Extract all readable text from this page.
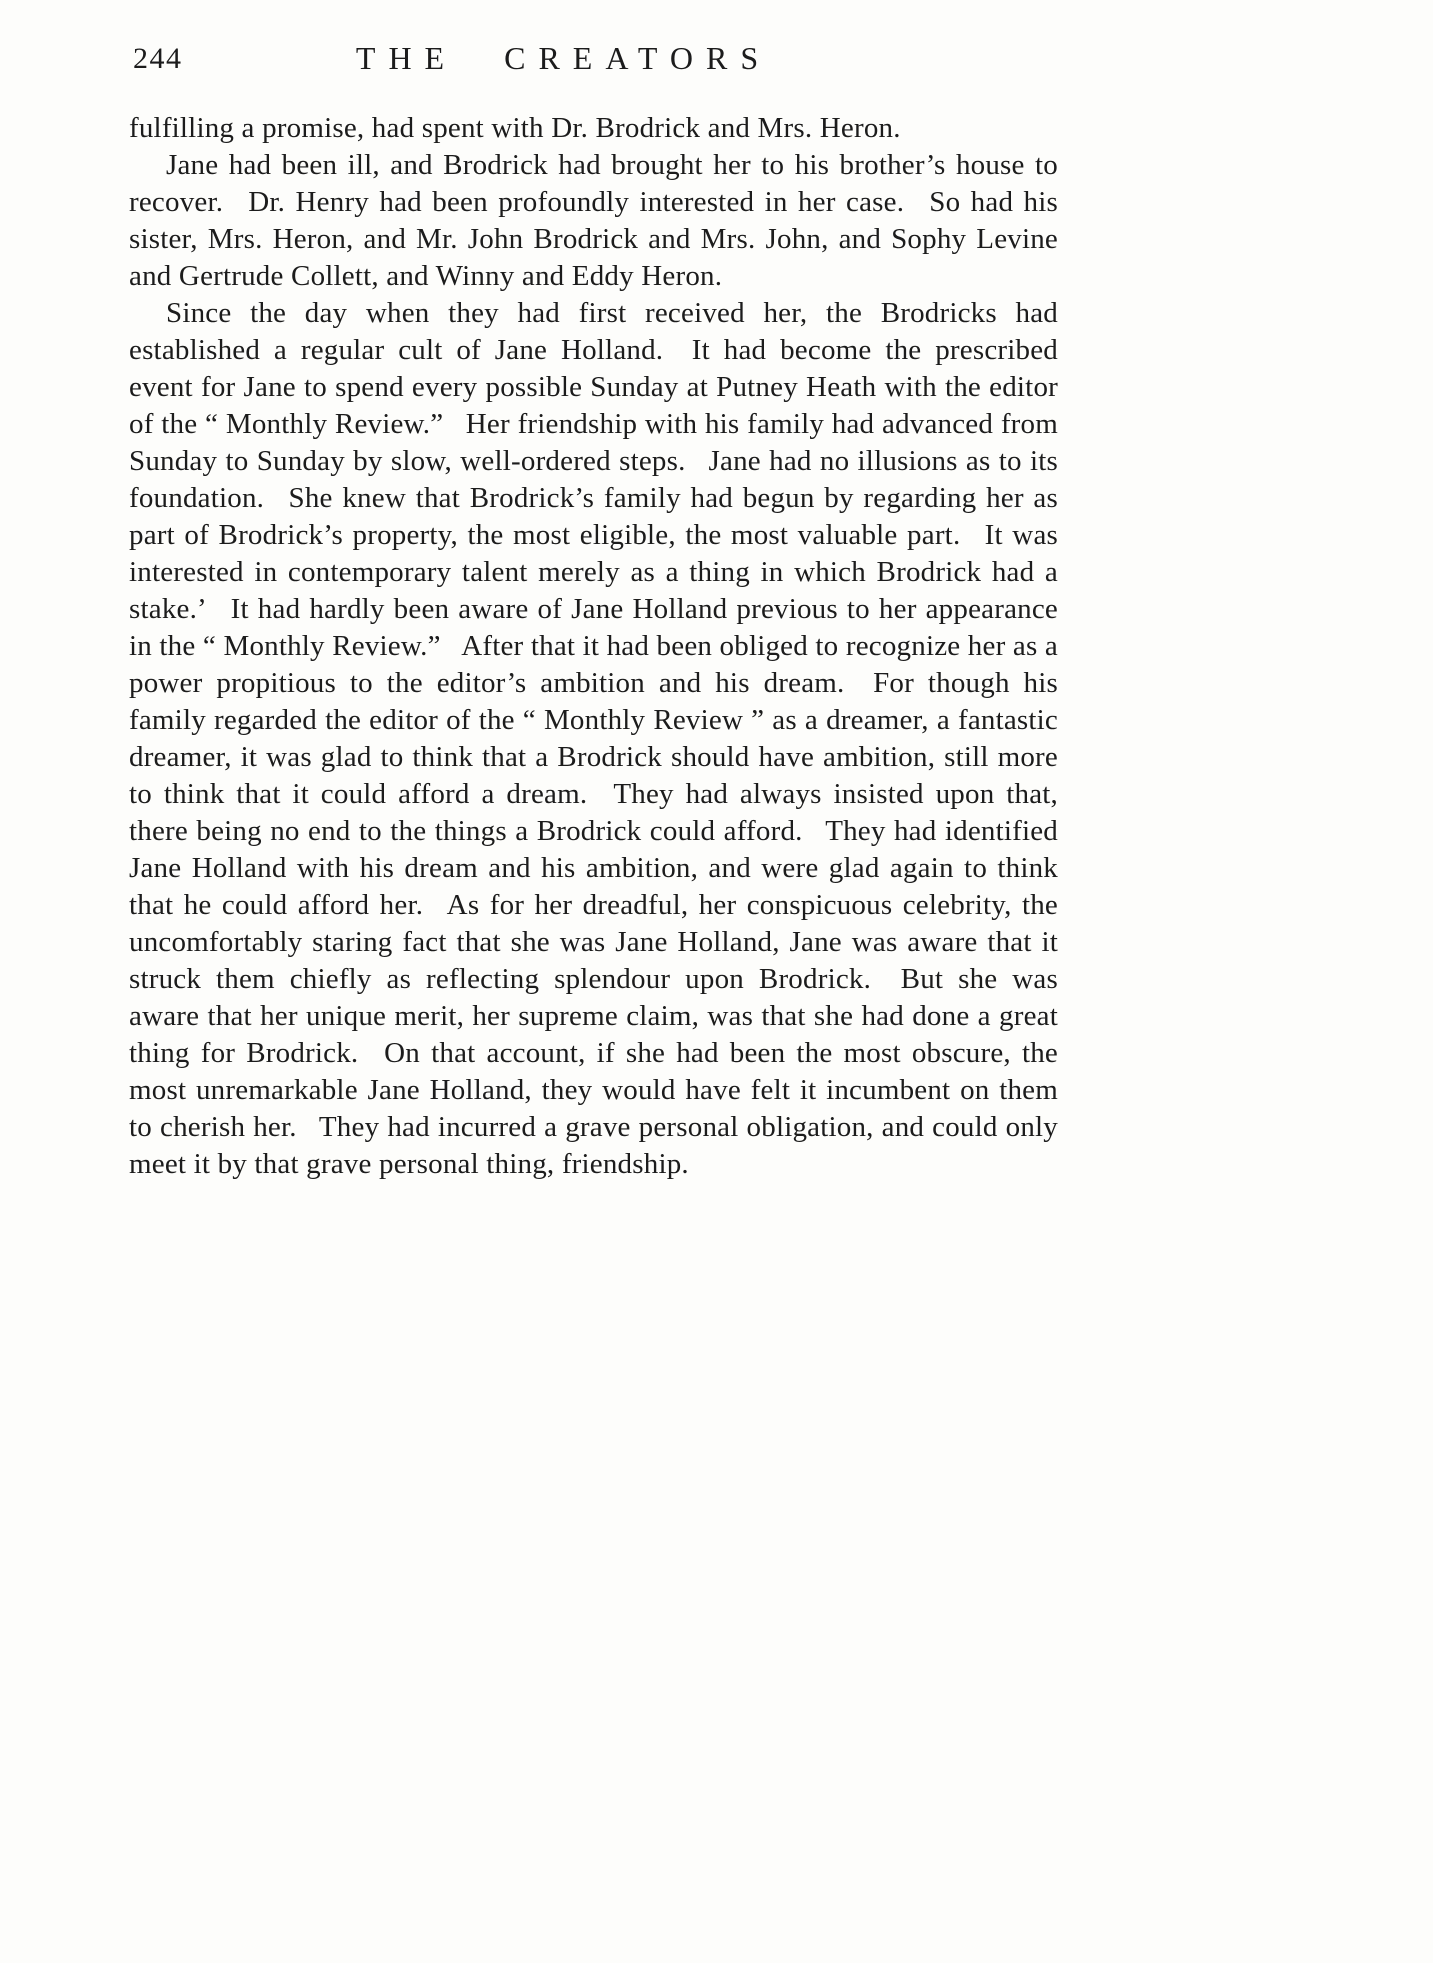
244	THE CREATORS

fulfilling a promise, had spent with Dr. Brodrick and Mrs. Heron.

Jane had been ill, and Brodrick had brought her to his brother’s house to recover.  Dr. Henry had been profoundly interested in her case.  So had his sister, Mrs. Heron, and Mr. John Brodrick and Mrs. John, and Sophy Levine and Gertrude Collett, and Winny and Eddy Heron.

Since the day when they had first received her, the Brodricks had established a regular cult of Jane Holland.  It had become the prescribed event for Jane to spend every possible Sunday at Putney Heath with the editor of the “ Monthly Review.”  Her friendship with his family had advanced from Sunday to Sunday by slow, well-ordered steps.  Jane had no illusions as to its foundation.  She knew that Brodrick’s family had begun by regarding her as part of Brodrick’s property, the most eligible, the most valuable part.  It was interested in contemporary talent merely as a thing in which Brodrick had a stake.’  It had hardly been aware of Jane Holland previous to her appearance in the “ Monthly Review.”  After that it had been obliged to recognize her as a power propitious to the editor’s ambition and his dream.  For though his family regarded the editor of the “ Monthly Review ” as a dreamer, a fantastic dreamer, it was glad to think that a Brodrick should have ambition, still more to think that it could afford a dream.  They had always insisted upon that, there being no end to the things a Brodrick could afford.  They had identified Jane Holland with his dream and his ambition, and were glad again to think that he could afford her.  As for her dreadful, her conspicuous celebrity, the uncomfortably staring fact that she was Jane Holland, Jane was aware that it struck them chiefly as reflecting splendour upon Brodrick.  But she was aware that her unique merit, her supreme claim, was that she had done a great thing for Brodrick.  On that account, if she had been the most obscure, the most unremarkable Jane Holland, they would have felt it incumbent on them to cherish her.  They had incurred a grave personal obligation, and could only meet it by that grave personal thing, friendship.
